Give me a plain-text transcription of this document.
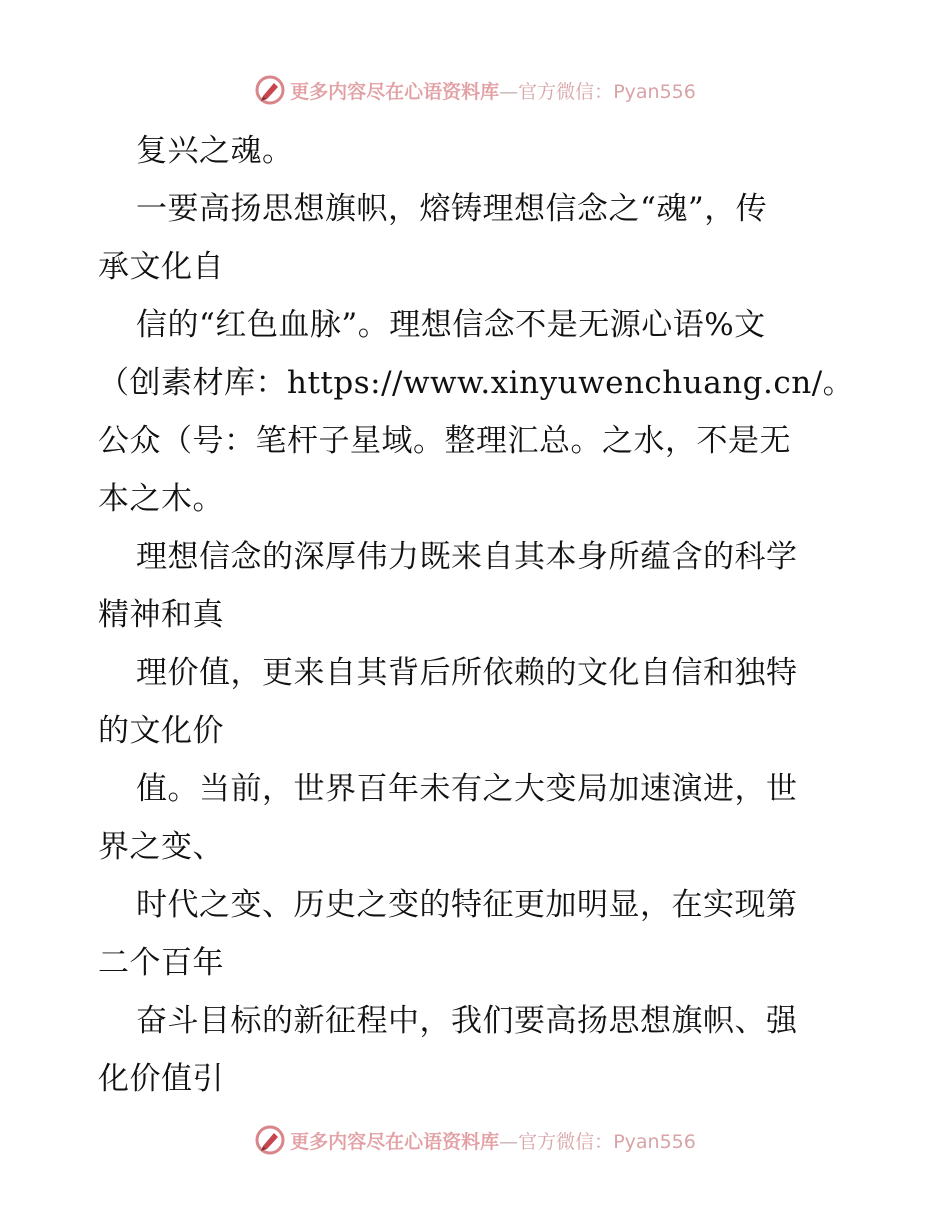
更多内容尽在心语资料库—官方微信：Pyan556
复兴之魂。
一要高扬思想旗帜，熔铸理想信念之“魂”，传
承文化自
信的“红色血脉”。理想信念不是无源心语%文
（创素材库：https://www.xinyuwenchuang.cn/。
公众（号：笔杆子星域。整理汇总。之水，不是无
本之木。
理想信念的深厚伟力既来自其本身所蕴含的科学
精神和真
理价值，更来自其背后所依赖的文化自信和独特
的文化价
值。当前，世界百年未有之大变局加速演进，世
界之变、
时代之变、历史之变的特征更加明显，在实现第
二个百年
奋斗目标的新征程中，我们要高扬思想旗帜、强
化价值引
更多内容尽在心语资料库—官方微信：Pyan556
